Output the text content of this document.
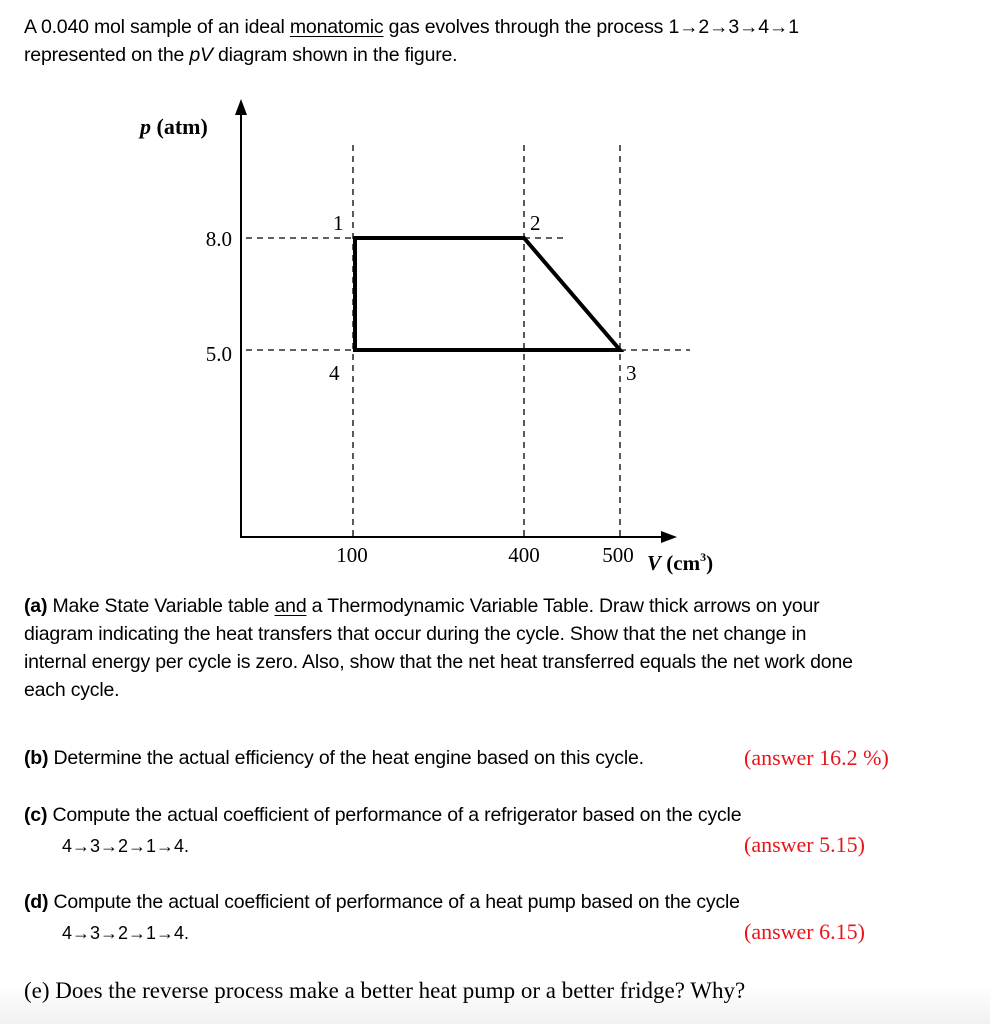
A 0.040 mol sample of an ideal monatomic gas evolves through the process 1→2→3→4→1
represented on the pV diagram shown in the figure.
p (atm)
8.0
5.0
100	400	500 V $(cm^3)$
1	2
3
4
(a) Make State Variable table and a Thermodynamic Variable Table. Draw thick arrows on your
diagram indicating the heat transfers that occur during the cycle. Show that the net change in
internal energy per cycle is zero. Also, show that the net heat transferred equals the net work done
each cycle.
(b) Determine the actual efficiency of the heat engine based on this cycle.	(answer 16.2 %)
(c) Compute the actual coefficient of performance of a refrigerator based on the cycle
4→3→2→1→4.	(answer 5.15)
(d) Compute the actual coefficient of performance of a heat pump based on the cycle
4→3→2→1→4.	(answer 6.15)
(e) Does the reverse process make a better heat pump or a better fridge? Why?
